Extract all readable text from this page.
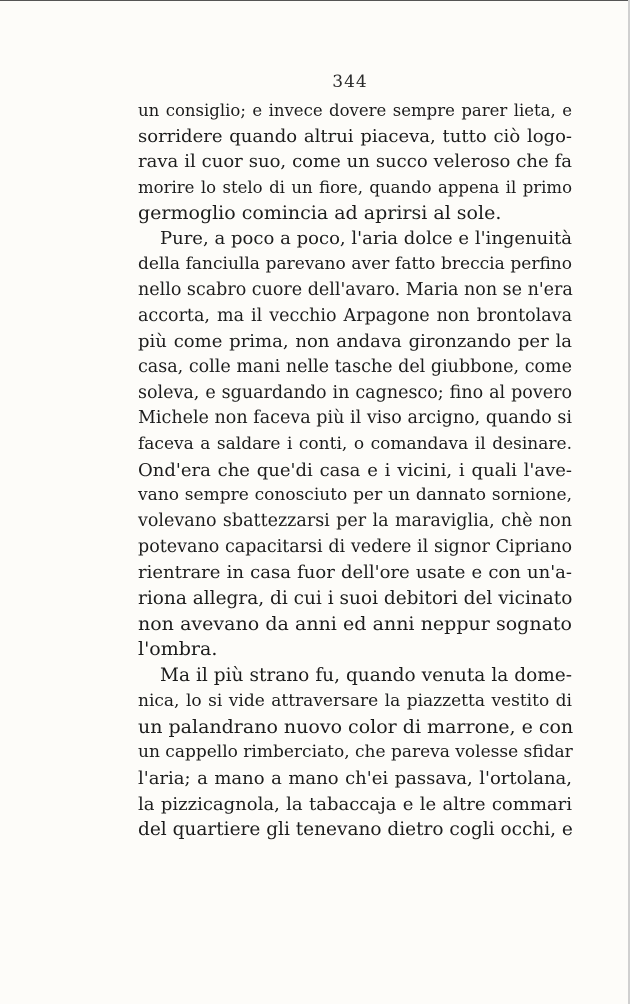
344
un consiglio; e invece dovere sempre parer lieta, e
sorridere quando altrui piaceva, tutto ciò logo-
rava il cuor suo, come un succo veleroso che fa
morire lo stelo di un fiore, quando appena il primo
germoglio comincia ad aprirsi al sole.
Pure, a poco a poco, l'aria dolce e l'ingenuità
della fanciulla parevano aver fatto breccia perfino
nello scabro cuore dell'avaro. Maria non se n'era
accorta, ma il vecchio Arpagone non brontolava
più come prima, non andava gironzando per la
casa, colle mani nelle tasche del giubbone, come
soleva, e sguardando in cagnesco; fino al povero
Michele non faceva più il viso arcigno, quando si
faceva a saldare i conti, o comandava il desinare.
Ond'era che que'di casa e i vicini, i quali l'ave-
vano sempre conosciuto per un dannato sornione,
volevano sbattezzarsi per la maraviglia, chè non
potevano capacitarsi di vedere il signor Cipriano
rientrare in casa fuor dell'ore usate e con un'a-
riona allegra, di cui i suoi debitori del vicinato
non avevano da anni ed anni neppur sognato
l'ombra.
Ma il più strano fu, quando venuta la dome-
nica, lo si vide attraversare la piazzetta vestito di
un palandrano nuovo color di marrone, e con
un cappello rimberciato, che pareva volesse sfidar
l'aria; a mano a mano ch'ei passava, l'ortolana,
la pizzicagnola, la tabaccaja e le altre commari
del quartiere gli tenevano dietro cogli occhi, e
